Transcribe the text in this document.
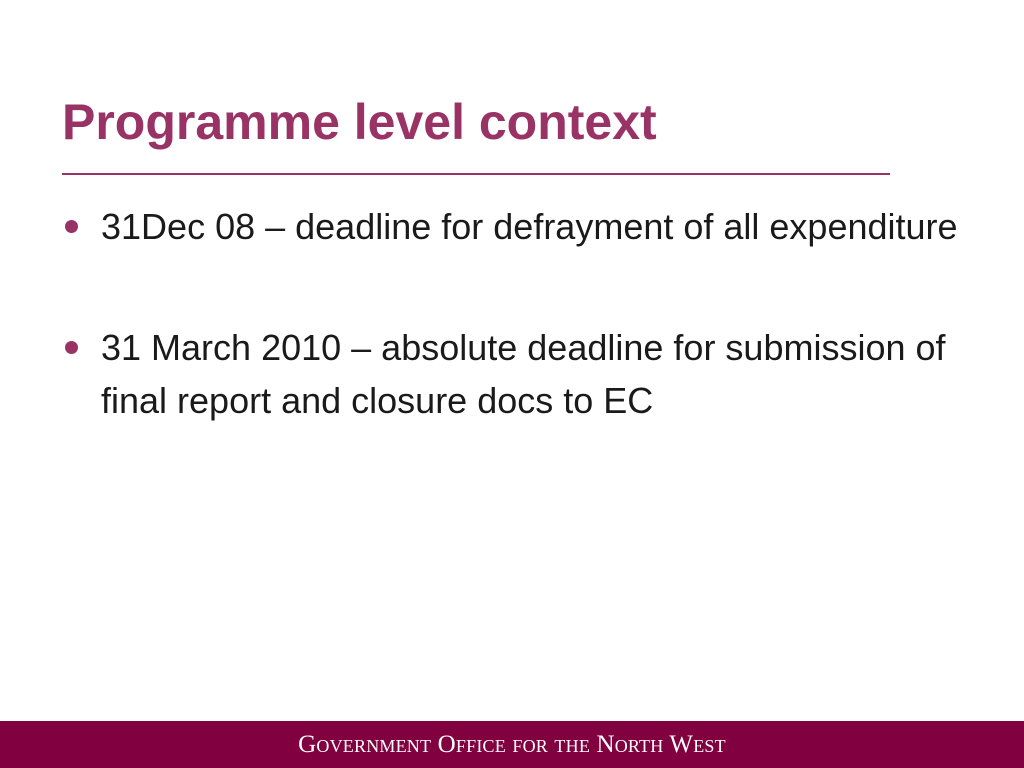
Programme level context
31Dec 08 – deadline for defrayment of all expenditure
31 March 2010 – absolute deadline for submission of final report and closure docs to EC
Government Office for the North West
